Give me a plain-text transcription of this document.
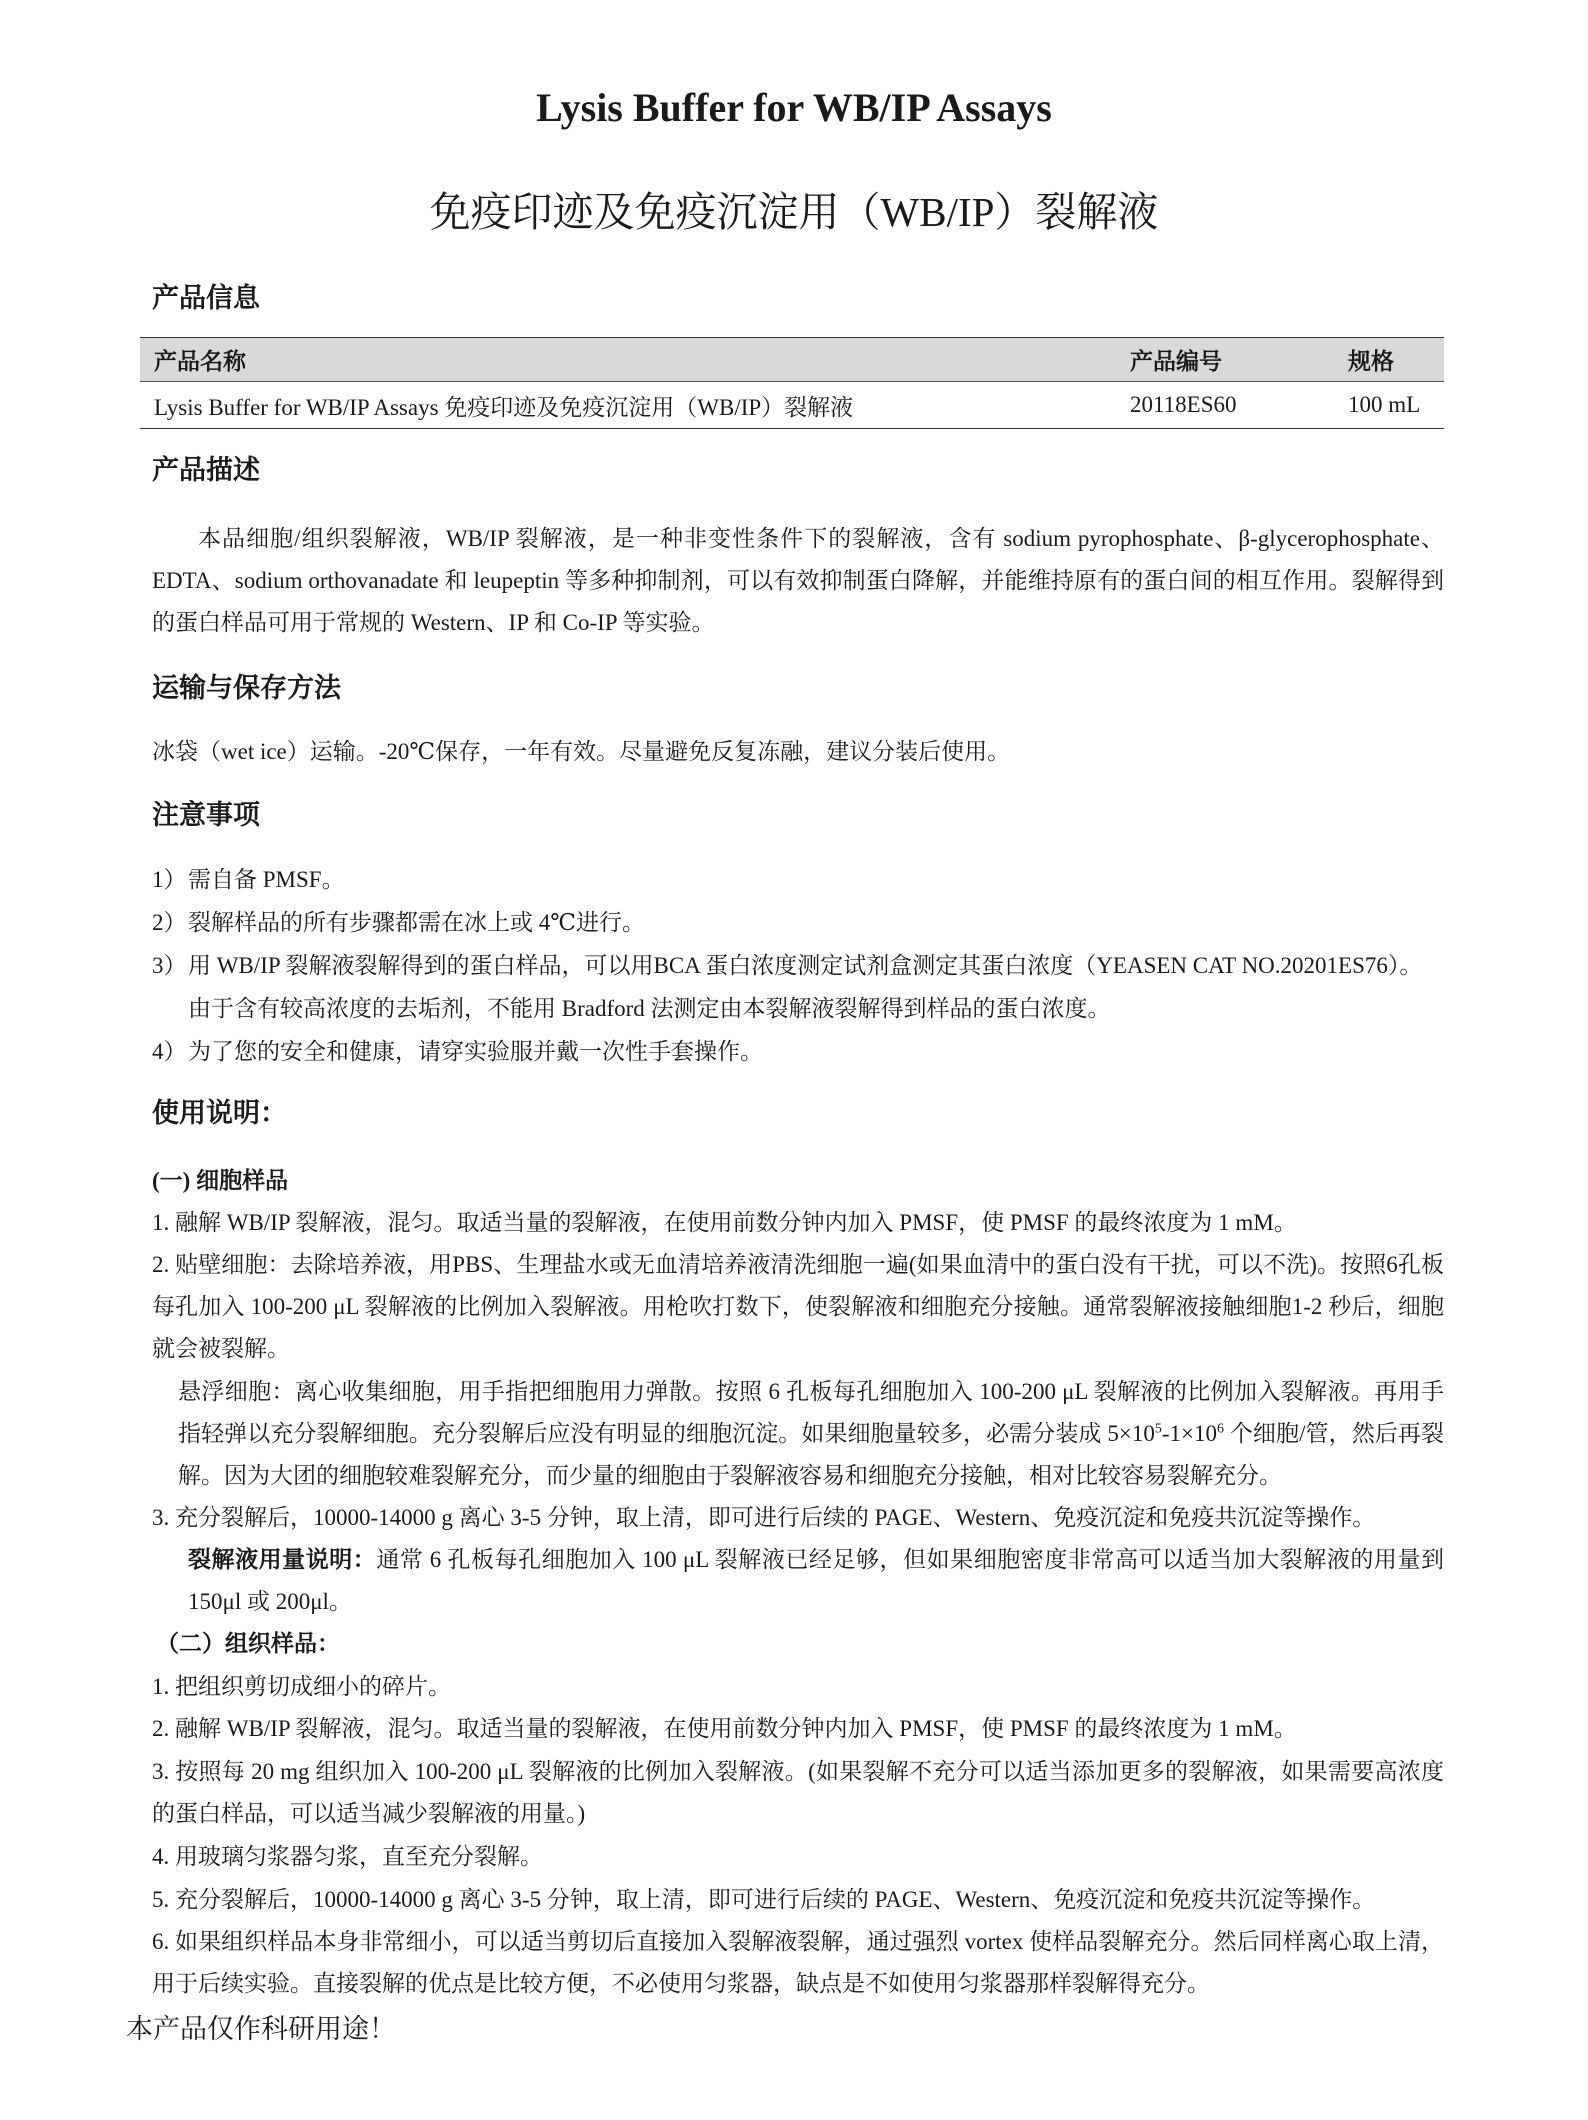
Lysis Buffer for WB/IP Assays
免疫印迹及免疫沉淀用（WB/IP）裂解液
产品信息
产品名称	产品编号	规格
Lysis Buffer for WB/IP Assays 免疫印迹及免疫沉淀用（WB/IP）裂解液	20118ES60	100 mL
产品描述
本品细胞/组织裂解液，WB/IP 裂解液，是一种非变性条件下的裂解液，含有 sodium pyrophosphate、β-glycerophosphate、EDTA、sodium orthovanadate 和 leupeptin 等多种抑制剂，可以有效抑制蛋白降解，并能维持原有的蛋白间的相互作用。裂解得到的蛋白样品可用于常规的 Western、IP 和 Co-IP 等实验。
运输与保存方法
冰袋（wet ice）运输。-20℃保存，一年有效。尽量避免反复冻融，建议分装后使用。
注意事项
1）需自备 PMSF。
2）裂解样品的所有步骤都需在冰上或 4℃进行。
3）用 WB/IP 裂解液裂解得到的蛋白样品，可以用BCA 蛋白浓度测定试剂盒测定其蛋白浓度（YEASEN CAT NO.20201ES76）。
由于含有较高浓度的去垢剂，不能用 Bradford 法测定由本裂解液裂解得到样品的蛋白浓度。
4）为了您的安全和健康，请穿实验服并戴一次性手套操作。
使用说明：
(一) 细胞样品
1. 融解 WB/IP 裂解液，混匀。取适当量的裂解液，在使用前数分钟内加入 PMSF，使 PMSF 的最终浓度为 1 mM。
2. 贴壁细胞：去除培养液，用PBS、生理盐水或无血清培养液清洗细胞一遍(如果血清中的蛋白没有干扰，可以不洗)。按照6孔板每孔加入 100-200 μL 裂解液的比例加入裂解液。用枪吹打数下，使裂解液和细胞充分接触。通常裂解液接触细胞1-2 秒后，细胞就会被裂解。
悬浮细胞：离心收集细胞，用手指把细胞用力弹散。按照 6 孔板每孔细胞加入 100-200 μL 裂解液的比例加入裂解液。再用手指轻弹以充分裂解细胞。充分裂解后应没有明显的细胞沉淀。如果细胞量较多，必需分装成 $5\times 10^5-1\times 10^6$ 个细胞/管，然后再裂解。因为大团的细胞较难裂解充分，而少量的细胞由于裂解液容易和细胞充分接触，相对比较容易裂解充分。
3. 充分裂解后，10000-14000 g 离心 3-5 分钟，取上清，即可进行后续的 PAGE、Western、免疫沉淀和免疫共沉淀等操作。
裂解液用量说明：通常 6 孔板每孔细胞加入 100 μL 裂解液已经足够，但如果细胞密度非常高可以适当加大裂解液的用量到 150μl 或 200μl。
（二）组织样品：
1. 把组织剪切成细小的碎片。
2. 融解 WB/IP 裂解液，混匀。取适当量的裂解液，在使用前数分钟内加入 PMSF，使 PMSF 的最终浓度为 1 mM。
3. 按照每 20 mg 组织加入 100-200 μL 裂解液的比例加入裂解液。(如果裂解不充分可以适当添加更多的裂解液，如果需要高浓度的蛋白样品，可以适当减少裂解液的用量。)
4. 用玻璃匀浆器匀浆，直至充分裂解。
5. 充分裂解后，10000-14000 g 离心 3-5 分钟，取上清，即可进行后续的 PAGE、Western、免疫沉淀和免疫共沉淀等操作。
6. 如果组织样品本身非常细小，可以适当剪切后直接加入裂解液裂解，通过强烈 vortex 使样品裂解充分。然后同样离心取上清，用于后续实验。直接裂解的优点是比较方便，不必使用匀浆器，缺点是不如使用匀浆器那样裂解得充分。
本产品仅作科研用途！
